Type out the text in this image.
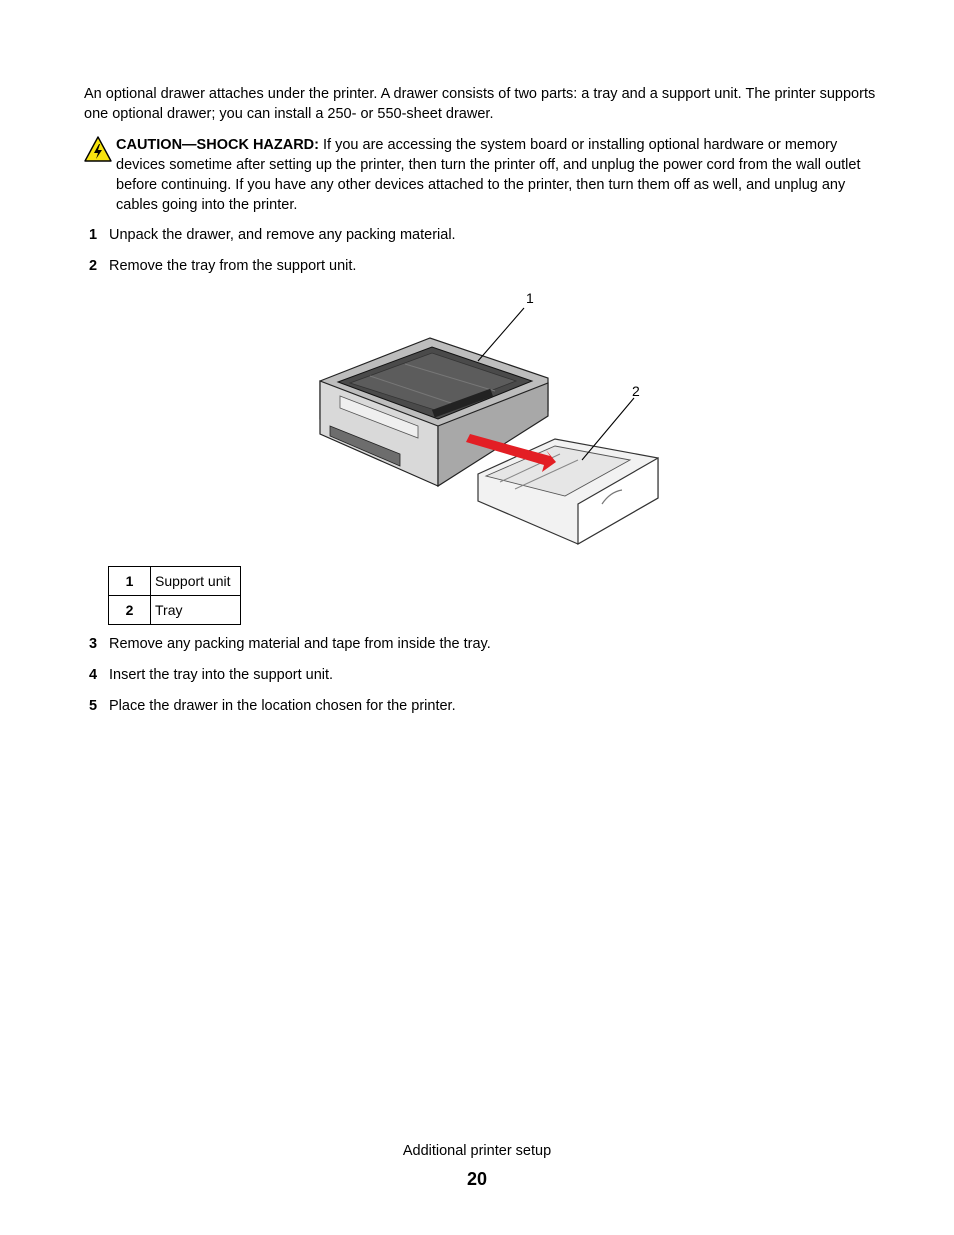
An optional drawer attaches under the printer. A drawer consists of two parts: a tray and a support unit. The printer supports one optional drawer; you can install a 250- or 550-sheet drawer.
CAUTION—SHOCK HAZARD: If you are accessing the system board or installing optional hardware or memory devices sometime after setting up the printer, then turn the printer off, and unplug the power cord from the wall outlet before continuing. If you have any other devices attached to the printer, then turn them off as well, and unplug any cables going into the printer.
1 Unpack the drawer, and remove any packing material.
2 Remove the tray from the support unit.
1
2
1	Support unit
2	Tray
3 Remove any packing material and tape from inside the tray.
4 Insert the tray into the support unit.
5 Place the drawer in the location chosen for the printer.
Additional printer setup
20
